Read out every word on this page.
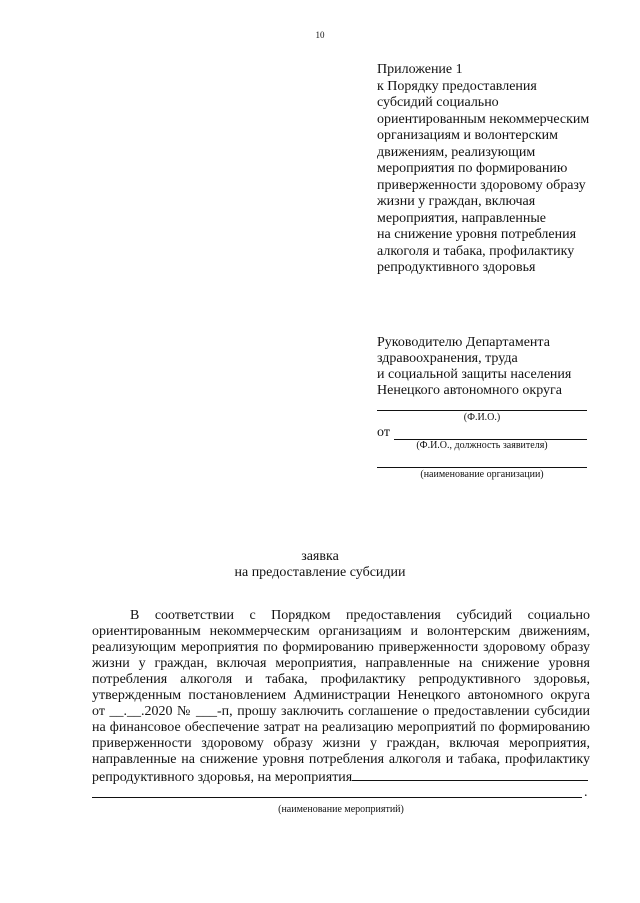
10
Приложение 1
к Порядку предоставления
субсидий социально
ориентированным некоммерческим
организациям и волонтерским
движениям, реализующим
мероприятия по формированию
приверженности здоровому образу
жизни у граждан, включая
мероприятия, направленные
на снижение уровня потребления
алкоголя и табака, профилактику
репродуктивного здоровья
Руководителю Департамента
здравоохранения, труда
и социальной защиты населения
Ненецкого автономного округа
(Ф.И.О.)
от
(Ф.И.О., должность заявителя)
(наименование организации)
заявка
на предоставление субсидии
В соответствии с Порядком предоставления субсидий социально
ориентированным некоммерческим организациям и волонтерским движениям,
реализующим мероприятия по формированию приверженности здоровому образу
жизни у граждан, включая мероприятия, направленные на снижение уровня
потребления алкоголя и табака, профилактику репродуктивного здоровья,
утвержденным постановлением Администрации Ненецкого автономного округа
от __.__.2020 № ___-п, прошу заключить соглашение о предоставлении субсидии
на финансовое обеспечение затрат на реализацию мероприятий по формированию
приверженности здоровому образу жизни у граждан, включая мероприятия,
направленные на снижение уровня потребления алкоголя и табака, профилактику
репродуктивного здоровья, на мероприятия
.
(наименование мероприятий)
